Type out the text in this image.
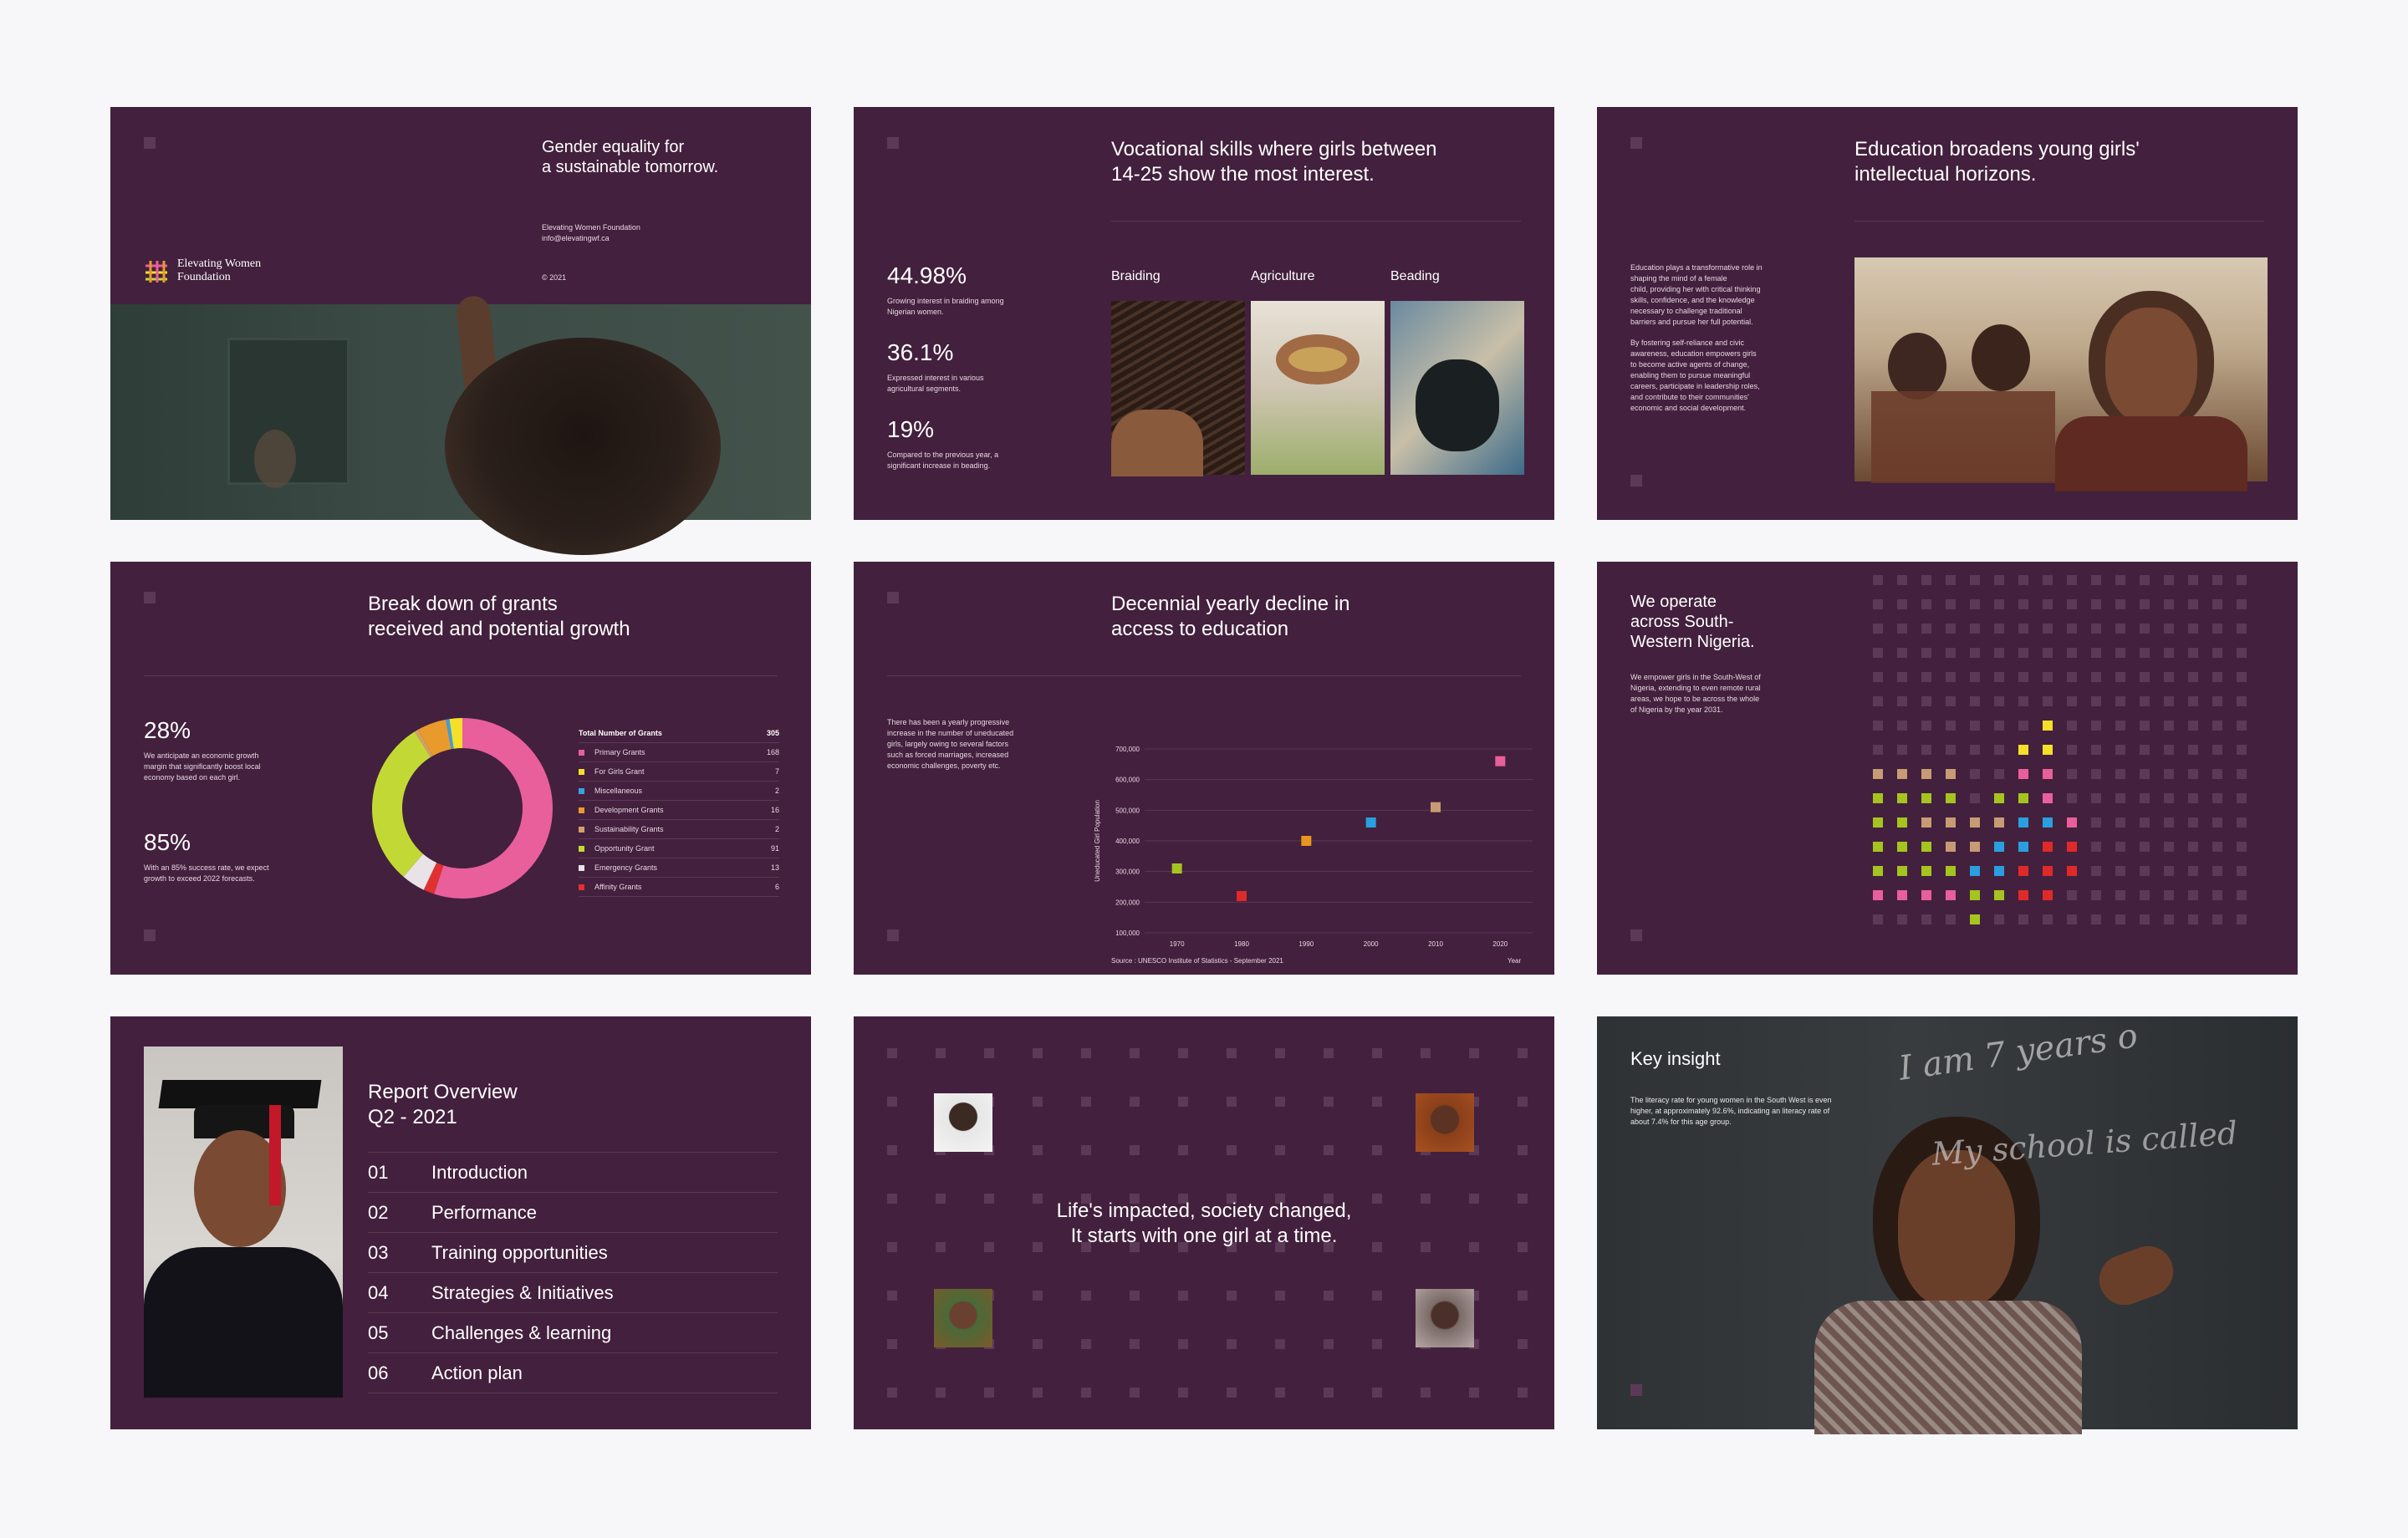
Gender equality for
a sustainable tomorrow.
Elevating Women Foundation
info@elevatingwf.ca
© 2021
Elevating Women
Foundation
Vocational skills where girls between
14-25 show the most interest.
44.98%
Growing interest in braiding among
Nigerian women.
36.1%
Expressed interest in various
agricultural segments.
19%
Compared to the previous year, a
significant increase in beading.
Braiding	Agriculture	Beading
Education broadens young girls'
intellectual horizons.
Education plays a transformative role in
shaping the mind of a female
child, providing her with critical thinking
skills, confidence, and the knowledge
necessary to challenge traditional
barriers and pursue her full potential.
By fostering self-reliance and civic
awareness, education empowers girls
to become active agents of change,
enabling them to pursue meaningful
careers, participate in leadership roles,
and contribute to their communities'
economic and social development.
Break down of grants
received and potential growth
28%
We anticipate an economic growth
margin that significantly boost local
economy based on each girl.
85%
With an 85% success rate, we expect
growth to exceed 2022 forecasts.
Total Number of Grants	305
Primary Grants	168
For Girls Grant	7
Miscellaneous	2
Development Grants	16
Sustainability Grants	2
Opportunity Grant	91
Emergency Grants	13
Affinity Grants	6
Decennial yearly decline in
access to education
There has been a yearly progressive
increase in the number of uneducated
girls, largely owing to several factors
such as forced marriages, increased
economic challenges, poverty etc.
700,000
600,000
500,000
400,000
300,000
200,000
100,000
1970	1980	1990	2000	2010	2020
Uneducated Girl Population
Source : UNESCO Institute of Statistics - September 2021	Year
We operate
across South-
Western Nigeria.
We empower girls in the South-West of
Nigeria, extending to even remote rural
areas, we hope to be across the whole
of Nigeria by the year 2031.
Report Overview
Q2 - 2021
01	Introduction
02	Performance
03	Training opportunities
04	Strategies & Initiatives
05	Challenges & learning
06	Action plan
Life's impacted, society changed,
It starts with one girl at a time.
I am 7 years o
My school is called
Key insight
The literacy rate for young women in the South West is even
higher, at approximately 92.6%, indicating an literacy rate of
about 7.4% for this age group.
